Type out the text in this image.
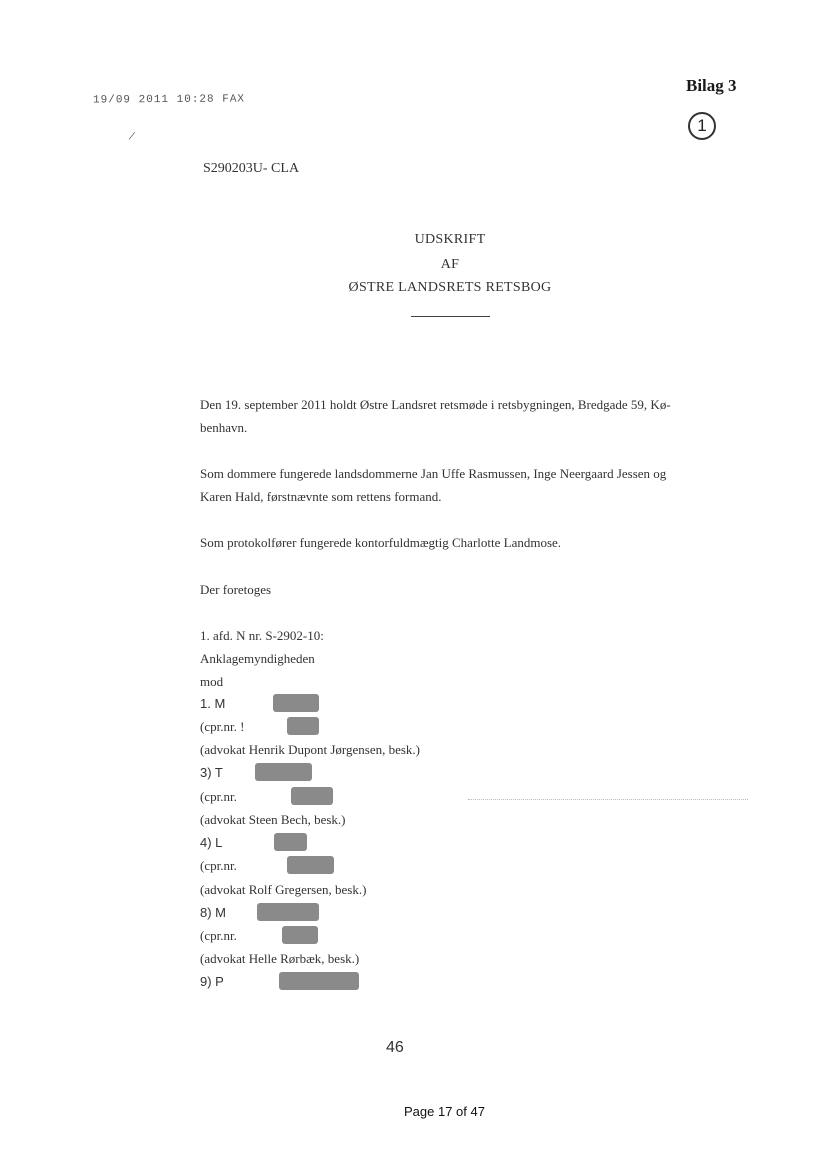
19/09 2011 10:28 FAX
Bilag 3
1
/
S290203U- CLA
UDSKRIFT
AF
ØSTRE LANDSRETS RETSBOG
Den 19. september 2011 holdt Østre Landsret retsmøde i retsbygningen, Bredgade 59, Kø-
benhavn.
Som dommere fungerede landsdommerne Jan Uffe Rasmussen, Inge Neergaard Jessen og
Karen Hald, førstnævnte som rettens formand.
Som protokolfører fungerede kontorfuldmægtig Charlotte Landmose.
Der foretoges
1. afd. N nr. S-2902-10:
Anklagemyndigheden
mod
1. M
(cpr.nr. !
(advokat Henrik Dupont Jørgensen, besk.)
3) T
(cpr.nr.
(advokat Steen Bech, besk.)
4) L
(cpr.nr.
(advokat Rolf Gregersen, besk.)
8) M
(cpr.nr.
(advokat Helle Rørbæk, besk.)
9) P
46
Page 17 of 47
